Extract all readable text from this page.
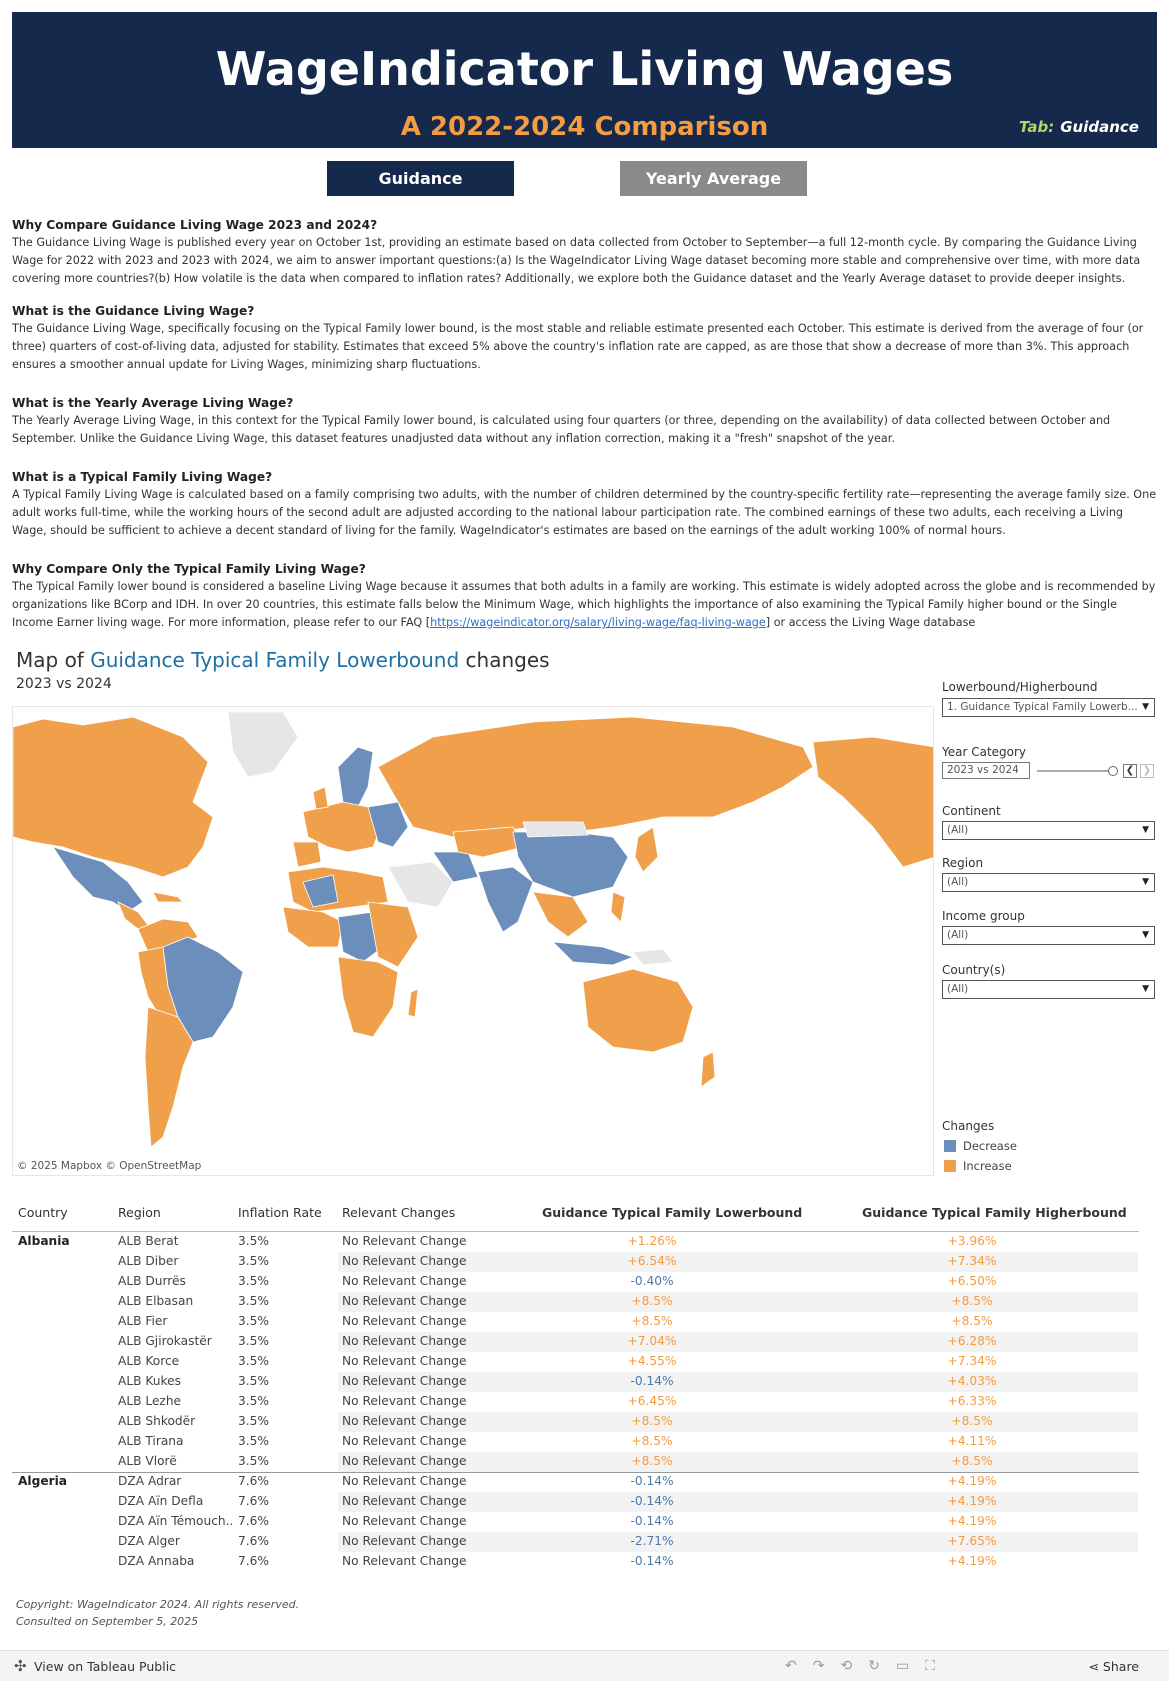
WageIndicator Living Wages
A 2022-2024 Comparison	Tab: Guidance
Guidance	Yearly Average
Why Compare Guidance Living Wage 2023 and 2024?

The Guidance Living Wage is published every year on October 1st, providing an estimate based on data collected from October to September—a full 12-month cycle. By comparing the Guidance Living Wage for 2022 with 2023 and 2023 with 2024, we aim to answer important questions:(a) Is the WageIndicator Living Wage dataset becoming more stable and comprehensive over time, with more data covering more countries?(b) How volatile is the data when compared to inflation rates? Additionally, we explore both the Guidance dataset and the Yearly Average dataset to provide deeper insights.

What is the Guidance Living Wage?

The Guidance Living Wage, specifically focusing on the Typical Family lower bound, is the most stable and reliable estimate presented each October. This estimate is derived from the average of four (or three) quarters of cost-of-living data, adjusted for stability. Estimates that exceed 5% above the country's inflation rate are capped, as are those that show a decrease of more than 3%. This approach ensures a smoother annual update for Living Wages, minimizing sharp fluctuations.

What is the Yearly Average Living Wage?

The Yearly Average Living Wage, in this context for the Typical Family lower bound, is calculated using four quarters (or three, depending on the availability) of data collected between October and September. Unlike the Guidance Living Wage, this dataset features unadjusted data without any inflation correction, making it a "fresh" snapshot of the year.

What is a Typical Family Living Wage?

A Typical Family Living Wage is calculated based on a family comprising two adults, with the number of children determined by the country-specific fertility rate—representing the average family size. One adult works full-time, while the working hours of the second adult are adjusted according to the national labour participation rate. The combined earnings of these two adults, each receiving a Living Wage, should be sufficient to achieve a decent standard of living for the family. WageIndicator's estimates are based on the earnings of the adult working 100% of normal hours.

Why Compare Only the Typical Family Living Wage?

The Typical Family lower bound is considered a baseline Living Wage because it assumes that both adults in a family are working. This estimate is widely adopted across the globe and is recommended by organizations like BCorp and IDH. In over 20 countries, this estimate falls below the Minimum Wage, which highlights the importance of also examining the Typical Family higher bound or the Single Income Earner living wage. For more information, please refer to our FAQ [https://wageindicator.org/salary/living-wage/faq-living-wage] or access the Living Wage database

Map of Guidance Typical Family Lowerbound changes
2023 vs 2024
© 2025 Mapbox © OpenStreetMap
Lowerbound/Higherbound
1. Guidance Typical Family Lowerb... ▼
Year Category
2023 vs 2024	❮ ❯
Continent
(All)	▼
Region
(All)	▼
Income group
(All)	▼
Country(s)
(All)	▼
Changes
Decrease
Increase
Country	Region	Inflation Rate Relevant Changes	Guidance Typical Family Lowerbound	Guidance Typical Family Higherbound
Albania	ALB Berat	3.5%	No Relevant Change	+1.26%	+3.96%
ALB Diber	3.5%	No Relevant Change	+6.54%	+7.34%
ALB Durrës	3.5%	No Relevant Change	-0.40%	+6.50%
ALB Elbasan	3.5%	No Relevant Change	+8.5%	+8.5%
ALB Fier	3.5%	No Relevant Change	+8.5%	+8.5%
ALB Gjirokastër 3.5%	No Relevant Change	+7.04%	+6.28%
ALB Korce	3.5%	No Relevant Change	+4.55%	+7.34%
ALB Kukes	3.5%	No Relevant Change	-0.14%	+4.03%
ALB Lezhe	3.5%	No Relevant Change	+6.45%	+6.33%
ALB Shkodër	3.5%	No Relevant Change	+8.5%	+8.5%
ALB Tirana	3.5%	No Relevant Change	+8.5%	+4.11%
ALB Vlorë	3.5%	No Relevant Change	+8.5%	+8.5%
Algeria	DZA Adrar	7.6%	No Relevant Change	-0.14%	+4.19%
DZA Aïn Defla	7.6%	No Relevant Change	-0.14%	+4.19%
DZA Aïn Témouch.. 7.6%	No Relevant Change	-0.14%	+4.19%
DZA Alger	7.6%	No Relevant Change	-2.71%	+7.65%
DZA Annaba	7.6%	No Relevant Change	-0.14%	+4.19%
Copyright: WageIndicator 2024. All rights reserved.
Consulted on September 5, 2025
✣ View on Tableau Public	↶↷⟲↻▭⛶	⋖ Share
